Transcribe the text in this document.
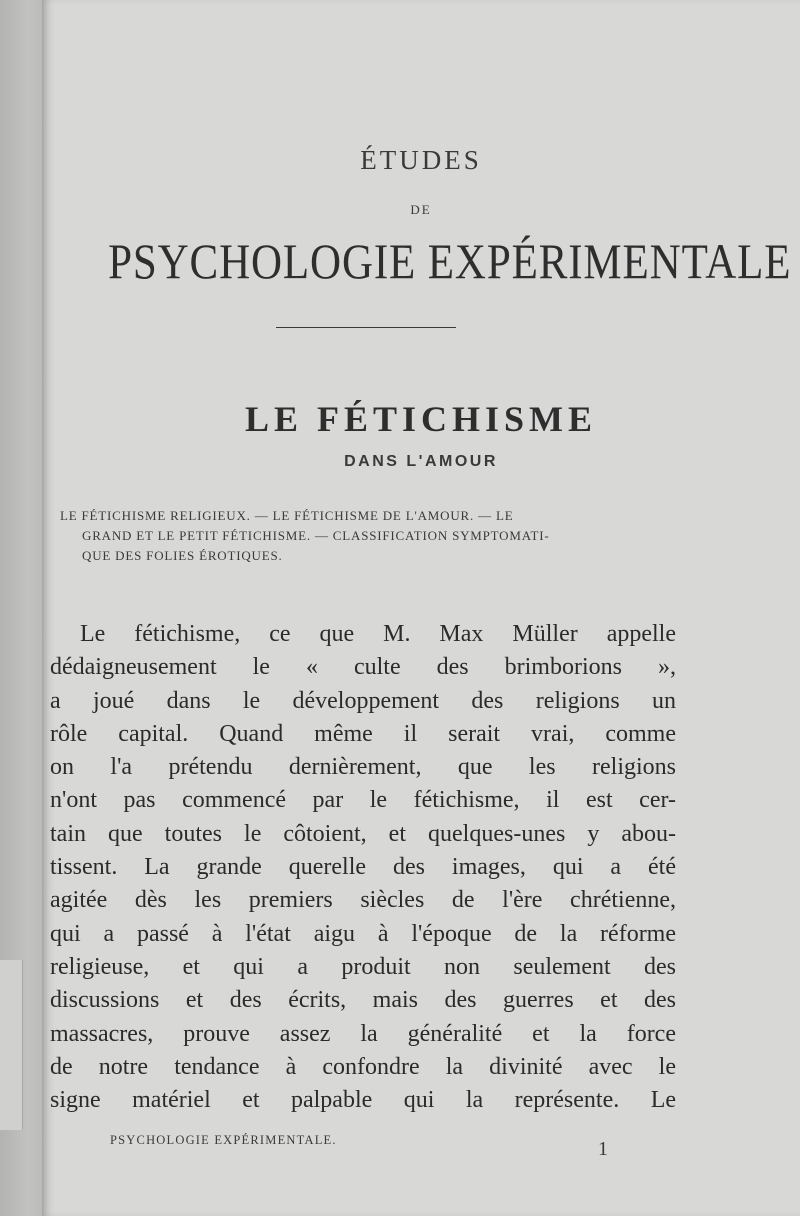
ÉTUDES
DE
PSYCHOLOGIE EXPÉRIMENTALE
LE FÉTICHISME
DANS L'AMOUR
LE FÉTICHISME RELIGIEUX. — LE FÉTICHISME DE L'AMOUR. — LE
GRAND ET LE PETIT FÉTICHISME. — CLASSIFICATION SYMPTOMATI-
QUE DES FOLIES ÉROTIQUES.
Le fétichisme, ce que M. Max Müller appelle
dédaigneusement le « culte des brimborions »,
a joué dans le développement des religions un
rôle capital. Quand même il serait vrai, comme
on l'a prétendu dernièrement, que les religions
n'ont pas commencé par le fétichisme, il est cer-
tain que toutes le côtoient, et quelques-unes y abou-
tissent. La grande querelle des images, qui a été
agitée dès les premiers siècles de l'ère chrétienne,
qui a passé à l'état aigu à l'époque de la réforme
religieuse, et qui a produit non seulement des
discussions et des écrits, mais des guerres et des
massacres, prouve assez la généralité et la force
de notre tendance à confondre la divinité avec le
signe matériel et palpable qui la représente. Le
PSYCHOLOGIE EXPÉRIMENTALE.	1
